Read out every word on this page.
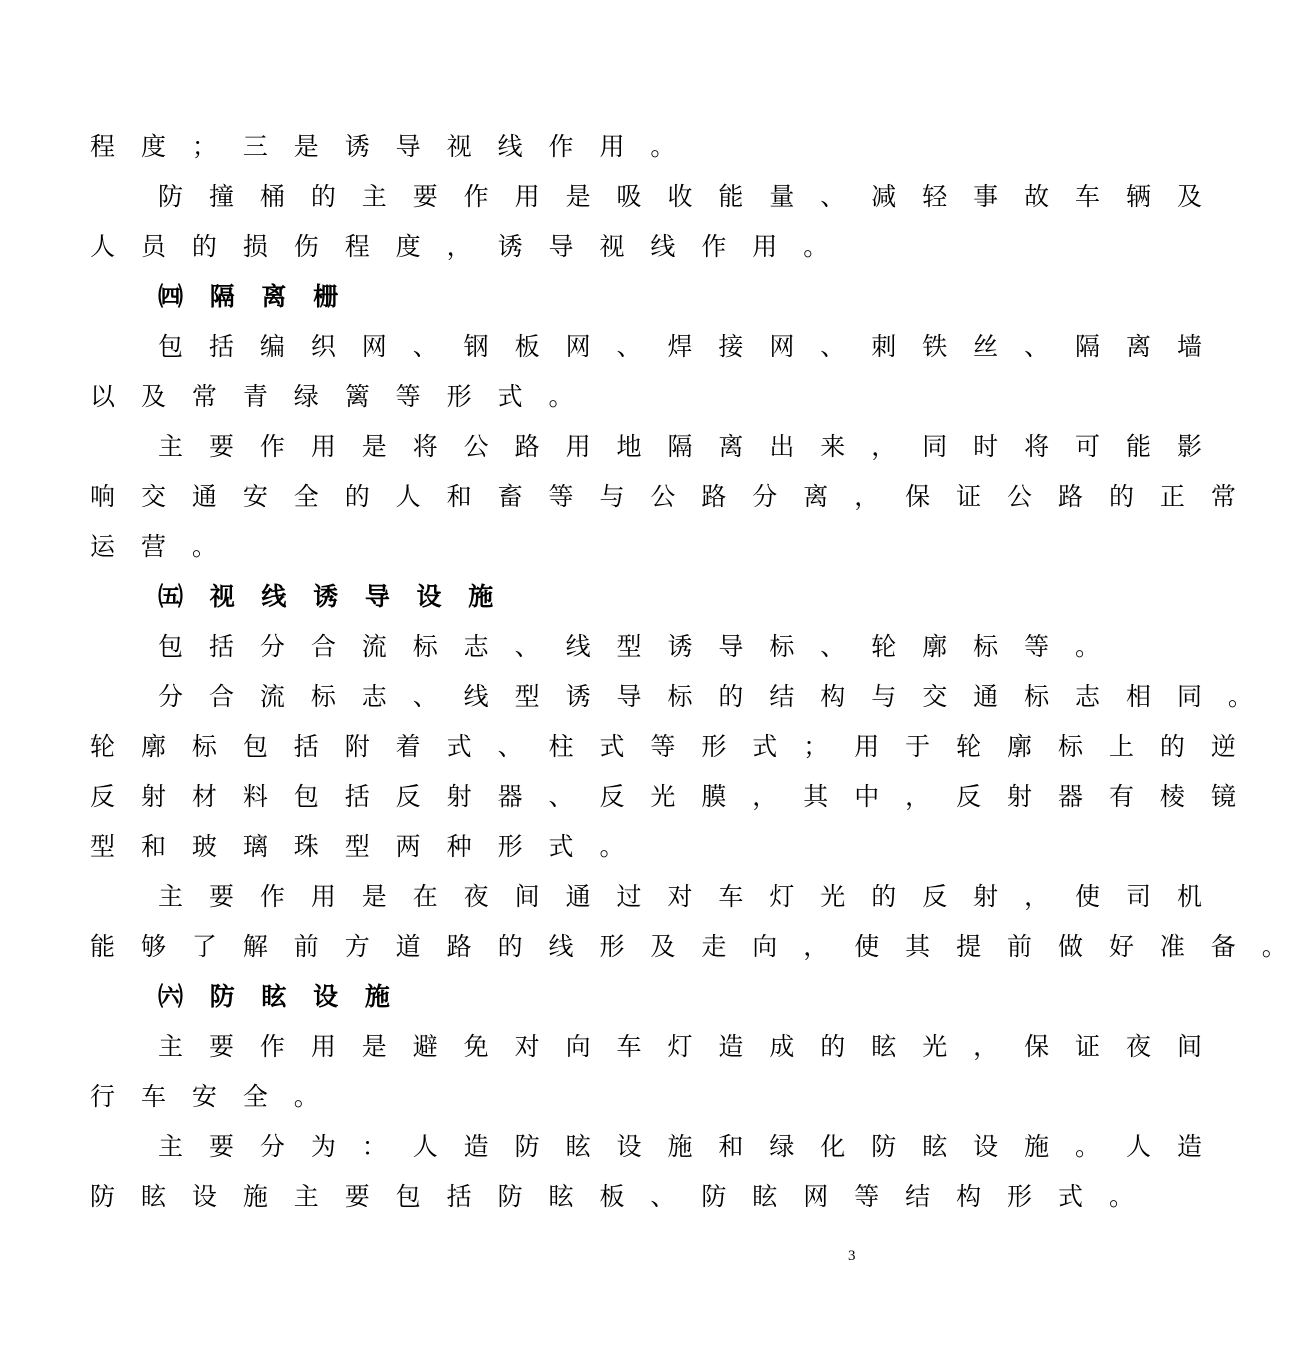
程 度 ； 三 是 诱 导 视 线 作 用 。
防 撞 桶 的 主 要 作 用 是 吸 收 能 量 、 减 轻 事 故 车 辆 及
人 员 的 损 伤 程 度 ， 诱 导 视 线 作 用 。
㈣ 隔 离 栅
包 括 编 织 网 、 钢 板 网 、 焊 接 网 、 刺 铁 丝 、 隔 离 墙
以 及 常 青 绿 篱 等 形 式 。
主 要 作 用 是 将 公 路 用 地 隔 离 出 来 ， 同 时 将 可 能 影
响 交 通 安 全 的 人 和 畜 等 与 公 路 分 离 ， 保 证 公 路 的 正 常
运 营 。
㈤ 视 线 诱 导 设 施
包 括 分 合 流 标 志 、 线 型 诱 导 标 、 轮 廓 标 等 。
分 合 流 标 志 、 线 型 诱 导 标 的 结 构 与 交 通 标 志 相 同 。
轮 廓 标 包 括 附 着 式 、 柱 式 等 形 式 ； 用 于 轮 廓 标 上 的 逆
反 射 材 料 包 括 反 射 器 、 反 光 膜 ， 其 中 ， 反 射 器 有 棱 镜
型 和 玻 璃 珠 型 两 种 形 式 。
主 要 作 用 是 在 夜 间 通 过 对 车 灯 光 的 反 射 ， 使 司 机
能 够 了 解 前 方 道 路 的 线 形 及 走 向 ， 使 其 提 前 做 好 准 备 。
㈥ 防 眩 设 施
主 要 作 用 是 避 免 对 向 车 灯 造 成 的 眩 光 ， 保 证 夜 间
行 车 安 全 。
主 要 分 为 ： 人 造 防 眩 设 施 和 绿 化 防 眩 设 施 。 人 造
防 眩 设 施 主 要 包 括 防 眩 板 、 防 眩 网 等 结 构 形 式 。
3
